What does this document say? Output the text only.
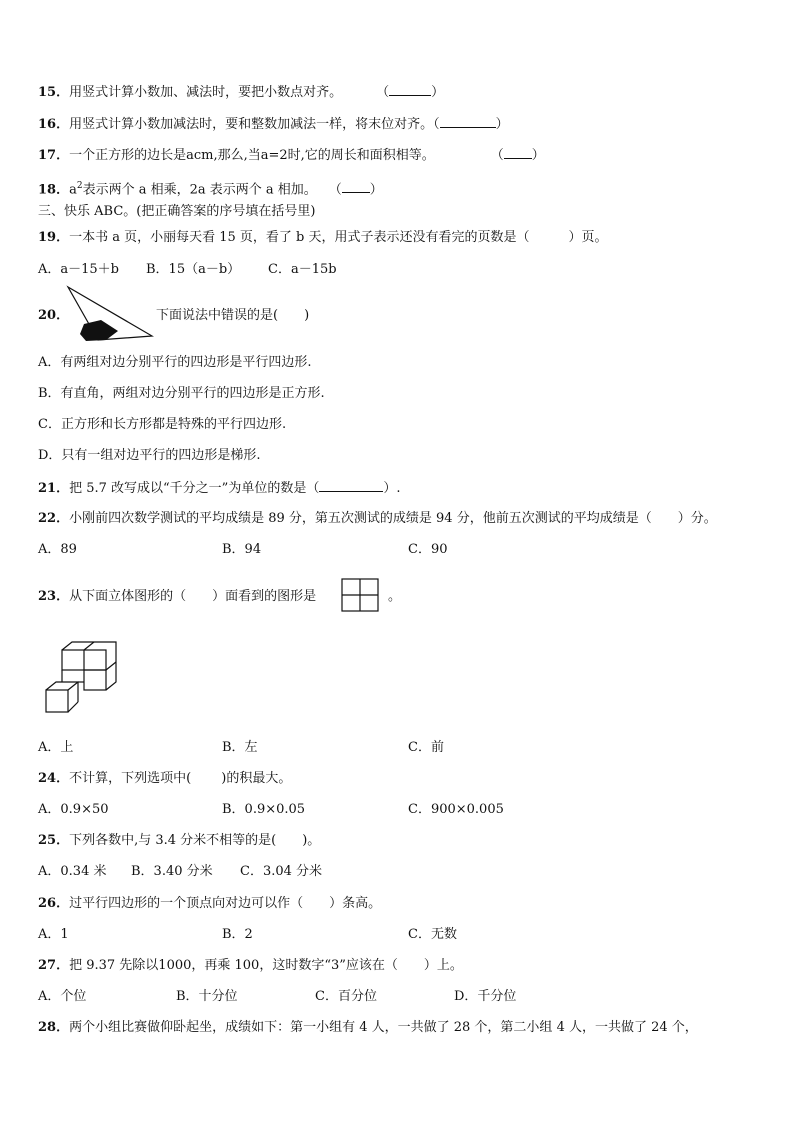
15．用竖式计算小数加、减法时，要把小数点对齐。	（	）
16．用竖式计算小数加减法时，要和整数加减法一样，将末位对齐。（	）
17．一个正方形的边长是acm,那么,当a=2时,它的周长和面积相等。	（ ）
18．$a^2$表示两个 a 相乘，2a 表示两个 a 相加。 （ ）
三、快乐 ABC。(把正确答案的序号填在括号里)
19．一本书 a 页，小丽每天看 15 页，看了 b 天，用式子表示还没有看完的页数是（　　　）页。
A．a－15＋b B．15（a－b） C．a－15b
20．	下面说法中错误的是(　　)
A．有两组对边分别平行的四边形是平行四边形.
B．有直角，两组对边分别平行的四边形是正方形.
C．正方形和长方形都是特殊的平行四边形.
D．只有一组对边平行的四边形是梯形.
21．把 5.7 改写成以“千分之一”为单位的数是（	）.
22．小刚前四次数学测试的平均成绩是 89 分，第五次测试的成绩是 94 分，他前五次测试的平均成绩是（　　）分。
A．89	B．94	C．90
23．从下面立体图形的（　　）面看到的图形是	。
A．上	B．左	C．前
24．不计算，下列选项中(　　 )的积最大。
A．0.9×50	B．0.9×0.05	C．900×0.005
25．下列各数中,与 3.4 分米不相等的是(　　)。
A．0.34 米 B．3.40 分米 C．3.04 分米
26．过平行四边形的一个顶点向对边可以作（　　）条高。
A．1	B．2	C．无数
27．把 9.37 先除以1000，再乘 100，这时数字“3”应该在（　　）上。
A．个位	B．十分位	C．百分位	D．千分位
28．两个小组比赛做仰卧起坐，成绩如下：第一小组有 4 人，一共做了 28 个，第二小组 4 人，一共做了 24 个，
